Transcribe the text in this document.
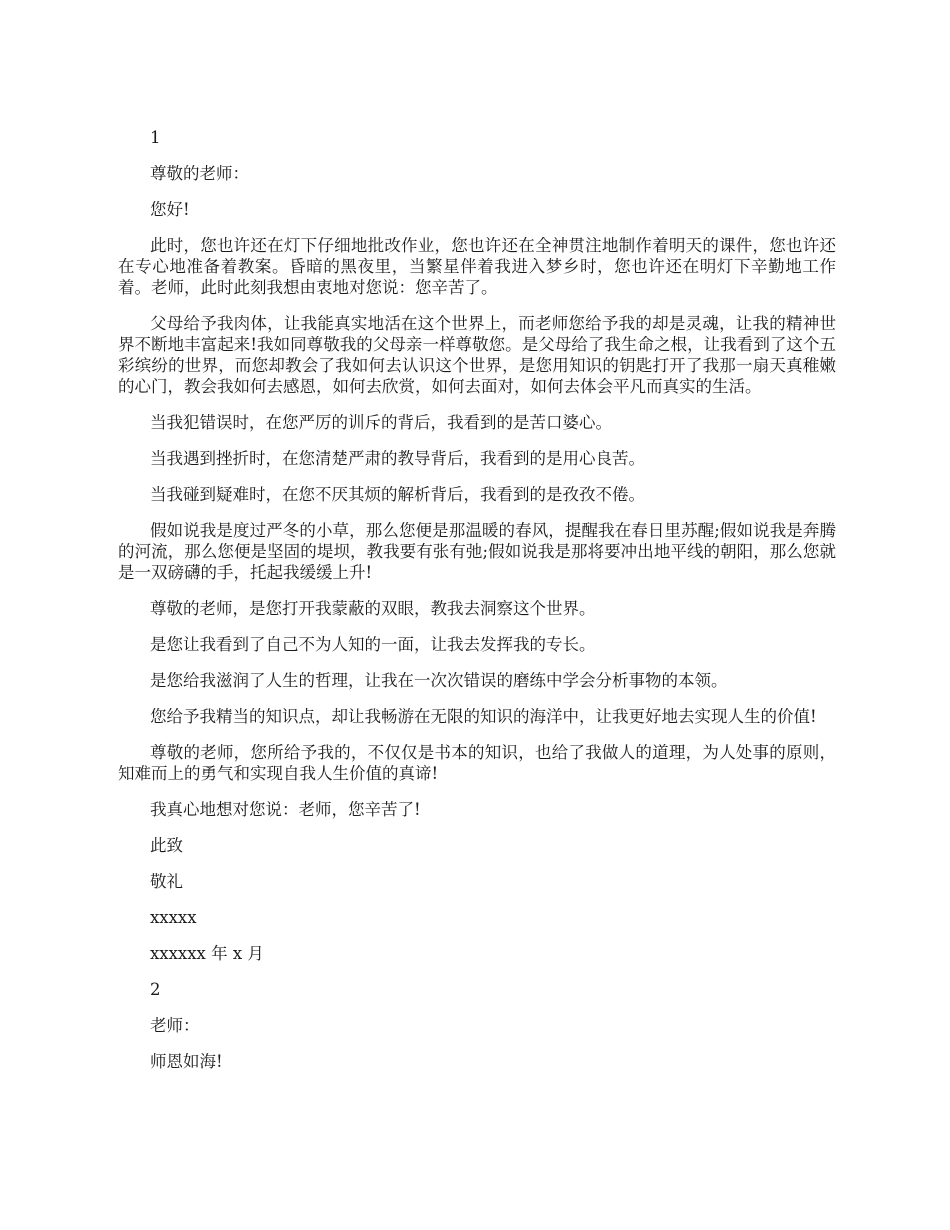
1

尊敬的老师：

您好!

此时，您也许还在灯下仔细地批改作业，您也许还在全神贯注地制作着明天的课件，您也许还在专心地准备着教案。昏暗的黑夜里，当繁星伴着我进入梦乡时，您也许还在明灯下辛勤地工作着。老师，此时此刻我想由衷地对您说：您辛苦了。

父母给予我肉体，让我能真实地活在这个世界上，而老师您给予我的却是灵魂，让我的精神世界不断地丰富起来!我如同尊敬我的父母亲一样尊敬您。是父母给了我生命之根，让我看到了这个五彩缤纷的世界，而您却教会了我如何去认识这个世界，是您用知识的钥匙打开了我那一扇天真稚嫩的心门，教会我如何去感恩，如何去欣赏，如何去面对，如何去体会平凡而真实的生活。

当我犯错误时，在您严厉的训斥的背后，我看到的是苦口婆心。

当我遇到挫折时，在您清楚严肃的教导背后，我看到的是用心良苦。

当我碰到疑难时，在您不厌其烦的解析背后，我看到的是孜孜不倦。

假如说我是度过严冬的小草，那么您便是那温暖的春风，提醒我在春日里苏醒;假如说我是奔腾的河流，那么您便是坚固的堤坝，教我要有张有弛;假如说我是那将要冲出地平线的朝阳，那么您就是一双磅礴的手，托起我缓缓上升!

尊敬的老师，是您打开我蒙蔽的双眼，教我去洞察这个世界。

是您让我看到了自己不为人知的一面，让我去发挥我的专长。

是您给我滋润了人生的哲理，让我在一次次错误的磨练中学会分析事物的本领。

您给予我精当的知识点，却让我畅游在无限的知识的海洋中，让我更好地去实现人生的价值!

尊敬的老师，您所给予我的，不仅仅是书本的知识，也给了我做人的道理，为人处事的原则，知难而上的勇气和实现自我人生价值的真谛!

我真心地想对您说：老师，您辛苦了!

此致

敬礼

xxxxx

xxxxxx 年 x 月

2

老师：

师恩如海!
